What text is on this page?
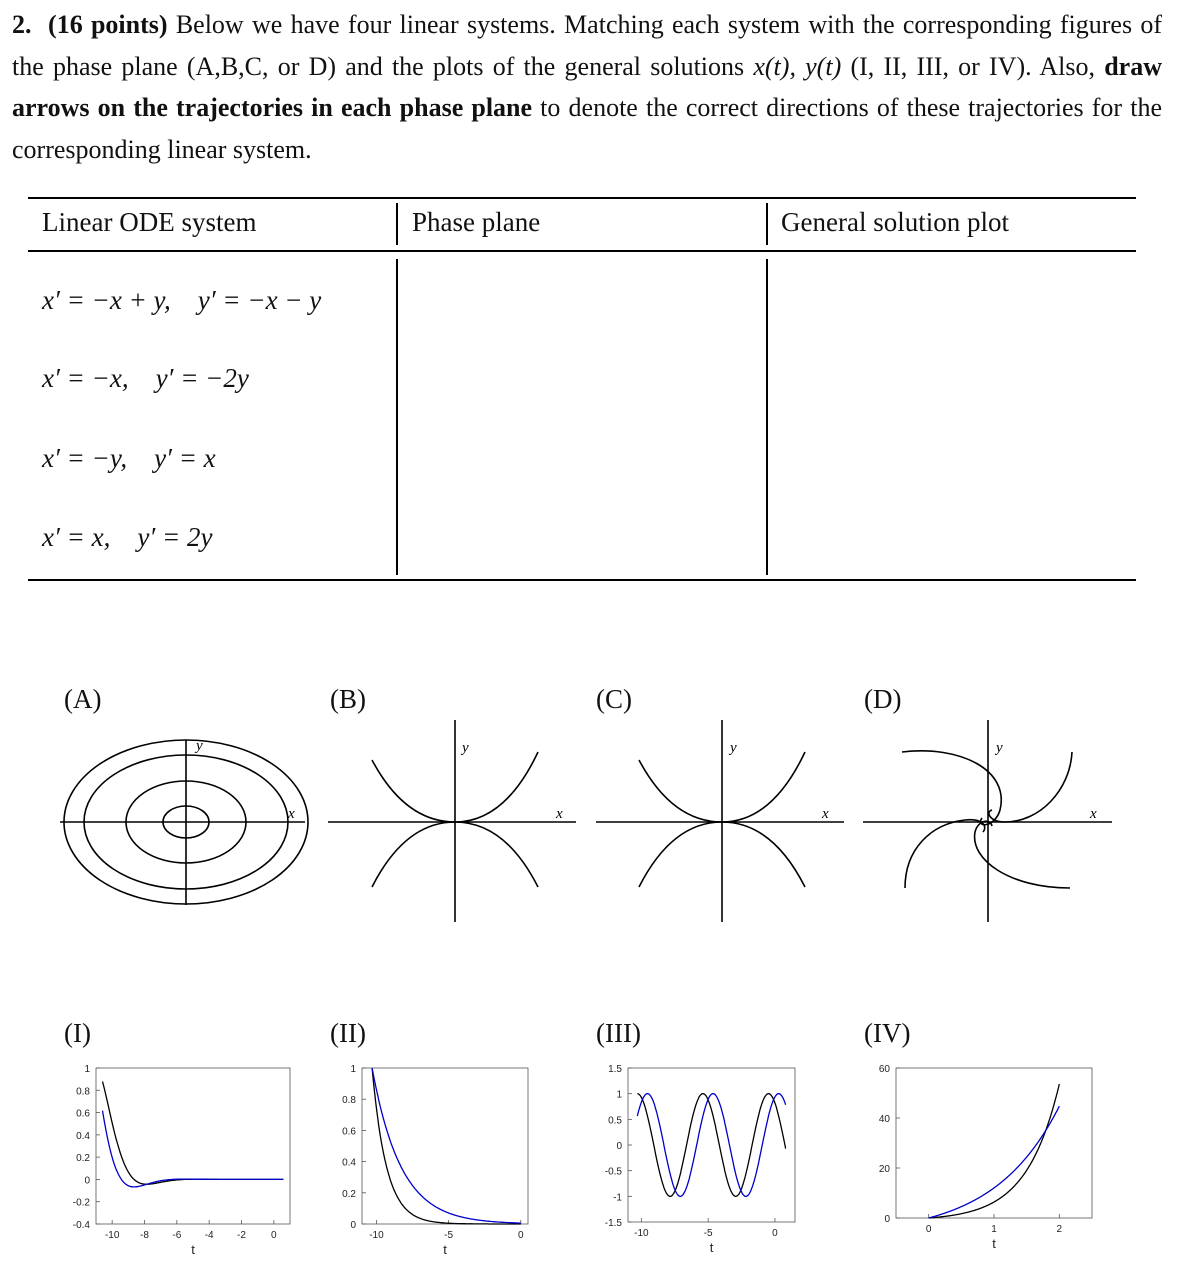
2. (16 points) Below we have four linear systems. Matching each system with the corresponding figures of the phase plane (A,B,C, or D) and the plots of the general solutions x(t), y(t) (I, II, III, or IV). Also, draw arrows on the trajectories in each phase plane to denote the correct directions of these trajectories for the corresponding linear system.
Linear ODE system	Phase plane	General solution plot
x′ = −x + y,    y′ = −x − y
x′ = −x,    y′ = −2y
x′ = −y,    y′ = x
x′ = x,    y′ = 2y
(A)	(B)	(C)	(D)
y
x
y
x
y
x
y
x
(I)	(II)	(III)	(IV)
-0.4
-0.2
0
0.2
0.4
0.6
0.8
1
-10 -8 -6 -4 -2	0
t
0
0.2
0.4
0.6
0.8
1
-10	-5	0
t
-1.5
-1
-0.5
0
0.5
1
1.5
-10	-5	0
t
0
20
40
60
0	1	2
t
